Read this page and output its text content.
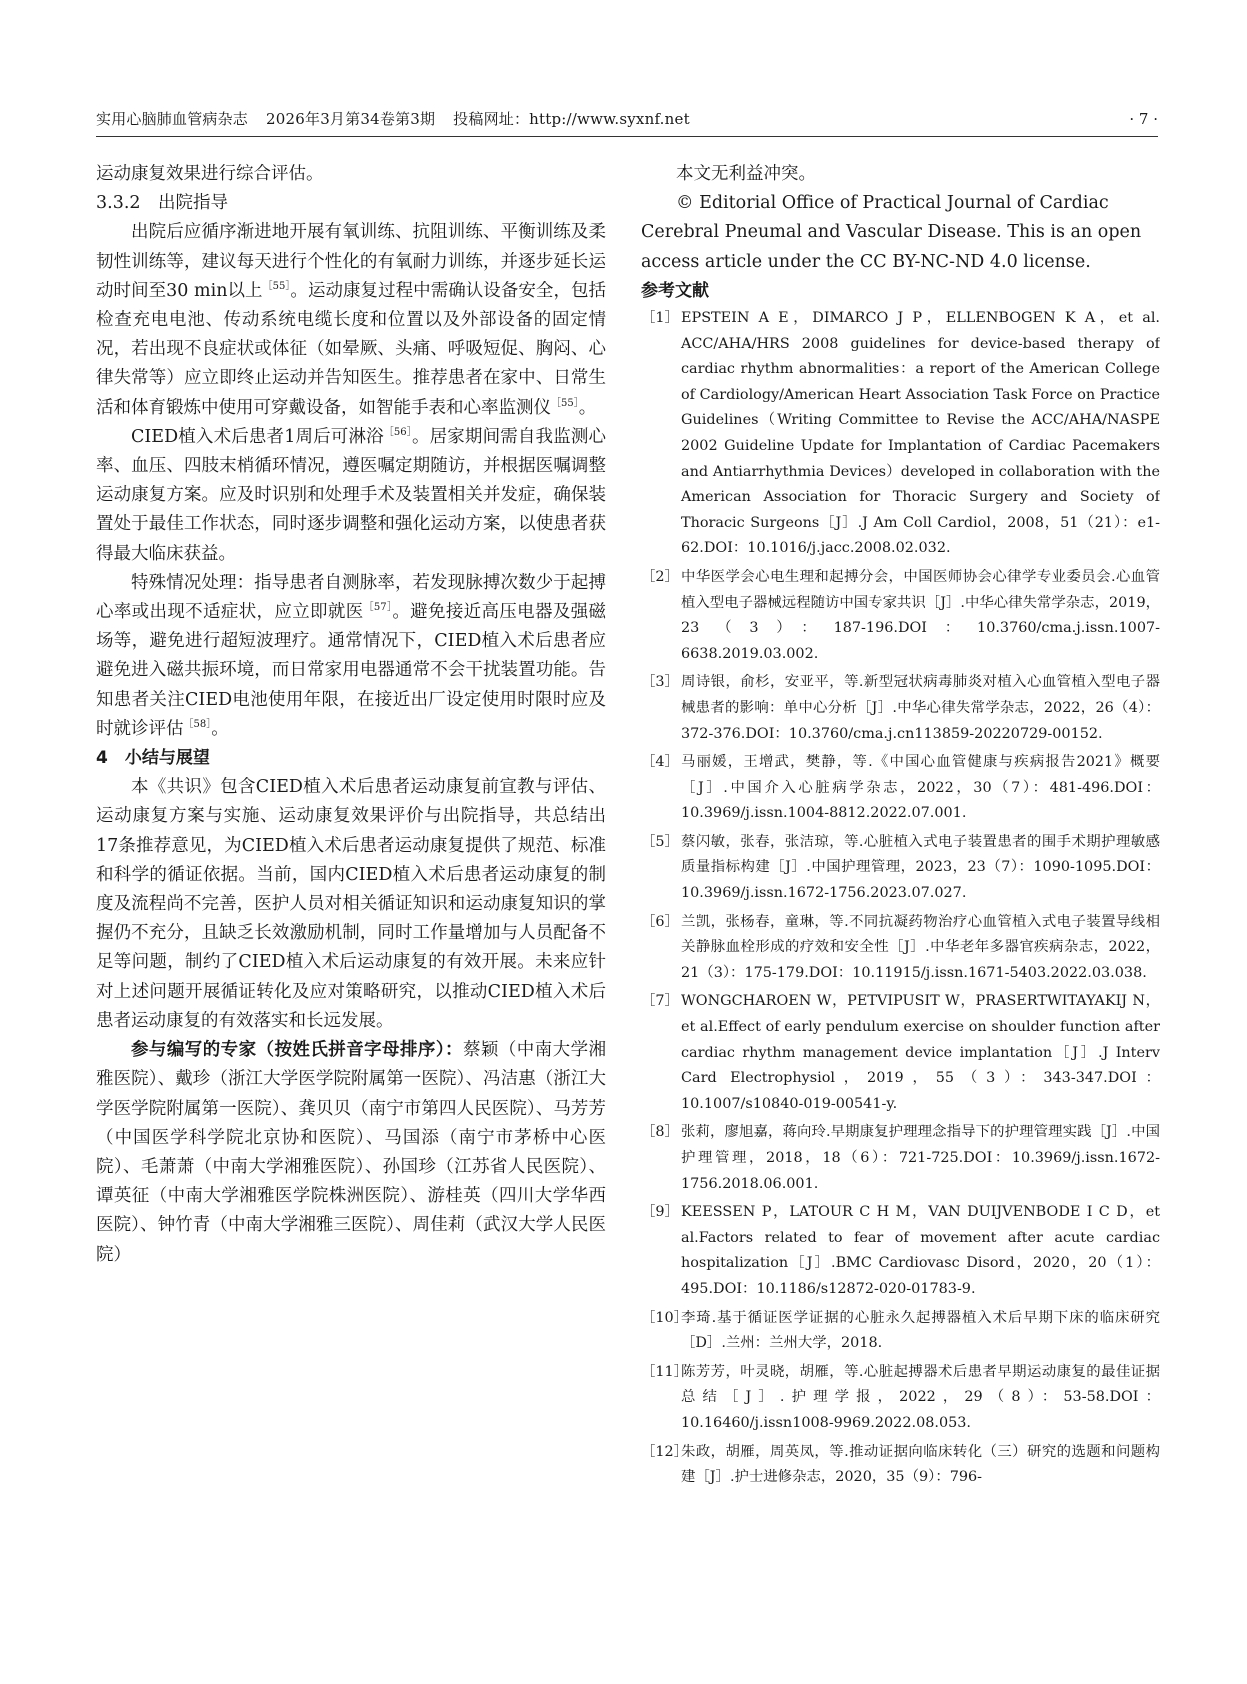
实用心脑肺血管病杂志 2026年3月第34卷第3期 投稿网址：http://www.syxnf.net	· 7 ·

运动康复效果进行综合评估。

3.3.2　出院指导

出院后应循序渐进地开展有氧训练、抗阻训练、平衡训练及柔韧性训练等，建议每天进行个性化的有氧耐力训练，并逐步延长运动时间至30 min以上$^{[55]}$。运动康复过程中需确认设备安全，包括检查充电电池、传动系统电缆长度和位置以及外部设备的固定情况，若出现不良症状或体征（如晕厥、头痛、呼吸短促、胸闷、心律失常等）应立即终止运动并告知医生。推荐患者在家中、日常生活和体育锻炼中使用可穿戴设备，如智能手表和心率监测仪$^{[55]}$。

CIED植入术后患者1周后可淋浴$^{[56]}$。居家期间需自我监测心率、血压、四肢末梢循环情况，遵医嘱定期随访，并根据医嘱调整运动康复方案。应及时识别和处理手术及装置相关并发症，确保装置处于最佳工作状态，同时逐步调整和强化运动方案，以使患者获得最大临床获益。

特殊情况处理：指导患者自测脉率，若发现脉搏次数少于起搏心率或出现不适症状，应立即就医$^{[57]}$。避免接近高压电器及强磁场等，避免进行超短波理疗。通常情况下，CIED植入术后患者应避免进入磁共振环境，而日常家用电器通常不会干扰装置功能。告知患者关注CIED电池使用年限，在接近出厂设定使用时限时应及时就诊评估$^{[58]}$。

4　小结与展望

本《共识》包含CIED植入术后患者运动康复前宣教与评估、运动康复方案与实施、运动康复效果评价与出院指导，共总结出17条推荐意见，为CIED植入术后患者运动康复提供了规范、标准和科学的循证依据。当前，国内CIED植入术后患者运动康复的制度及流程尚不完善，医护人员对相关循证知识和运动康复知识的掌握仍不充分，且缺乏长效激励机制，同时工作量增加与人员配备不足等问题，制约了CIED植入术后运动康复的有效开展。未来应针对上述问题开展循证转化及应对策略研究，以推动CIED植入术后患者运动康复的有效落实和长远发展。

参与编写的专家（按姓氏拼音字母排序）：蔡颖（中南大学湘雅医院）、戴珍（浙江大学医学院附属第一医院）、冯洁惠（浙江大学医学院附属第一医院）、龚贝贝（南宁市第四人民医院）、马芳芳（中国医学科学院北京协和医院）、马国添（南宁市茅桥中心医院）、毛萧萧（中南大学湘雅医院）、孙国珍（江苏省人民医院）、谭英征（中南大学湘雅医学院株洲医院）、游桂英（四川大学华西医院）、钟竹青（中南大学湘雅三医院）、周佳莉（武汉大学人民医院）

本文无利益冲突。

© Editorial Office of Practical Journal of Cardiac Cerebral Pneumal and Vascular Disease. This is an open access article under the CC BY-NC-ND 4.0 license.

参考文献

［1］ EPSTEIN A E，DIMARCO J P，ELLENBOGEN K A，et al. ACC/AHA/HRS 2008 guidelines for device-based therapy of cardiac rhythm abnormalities：a report of the American College of Cardiology/American Heart Association Task Force on Practice Guidelines（Writing Committee to Revise the ACC/AHA/NASPE 2002 Guideline Update for Implantation of Cardiac Pacemakers and Antiarrhythmia Devices）developed in collaboration with the American Association for Thoracic Surgery and Society of Thoracic Surgeons［J］.J Am Coll Cardiol，2008，51（21）：e1-62.DOI：10.1016/j.jacc.2008.02.032.

［2］ 中华医学会心电生理和起搏分会，中国医师协会心律学专业委员会.心血管植入型电子器械远程随访中国专家共识［J］.中华心律失常学杂志，2019，23（3）：187-196.DOI：10.3760/cma.j.issn.1007-6638.2019.03.002.

［3］ 周诗银，俞杉，安亚平，等.新型冠状病毒肺炎对植入心血管植入型电子器械患者的影响：单中心分析［J］.中华心律失常学杂志，2022，26（4）：372-376.DOI：10.3760/cma.j.cn113859-20220729-00152.

［4］ 马丽媛，王增武，樊静，等.《中国心血管健康与疾病报告2021》概要［J］.中国介入心脏病学杂志，2022，30（7）：481-496.DOI：10.3969/j.issn.1004-8812.2022.07.001.

［5］ 蔡闪敏，张春，张洁琼，等.心脏植入式电子装置患者的围手术期护理敏感质量指标构建［J］.中国护理管理，2023，23（7）：1090-1095.DOI：10.3969/j.issn.1672-1756.2023.07.027.

［6］ 兰凯，张杨春，童琳，等.不同抗凝药物治疗心血管植入式电子装置导线相关静脉血栓形成的疗效和安全性［J］.中华老年多器官疾病杂志，2022，21（3）：175-179.DOI：10.11915/j.issn.1671-5403.2022.03.038.

［7］ WONGCHAROEN W，PETVIPUSIT W，PRASERTWITAYAKIJ N，et al.Effect of early pendulum exercise on shoulder function after cardiac rhythm management device implantation［J］.J Interv Card Electrophysiol，2019，55（3）：343-347.DOI：10.1007/s10840-019-00541-y.

［8］ 张莉，廖旭嘉，蒋向玲.早期康复护理理念指导下的护理管理实践［J］.中国护理管理，2018，18（6）：721-725.DOI：10.3969/j.issn.1672-1756.2018.06.001.

［9］ KEESSEN P，LATOUR C H M，VAN DUIJVENBODE I C D，et al.Factors related to fear of movement after acute cardiac hospitalization［J］.BMC Cardiovasc Disord，2020，20（1）：495.DOI：10.1186/s12872-020-01783-9.

［10］
李琦.基于循证医学证据的心脏永久起搏器植入术后早期下床的临床研究［D］.兰州：兰州大学，2018.

［11］
陈芳芳，叶灵晓，胡雁，等.心脏起搏器术后患者早期运动康复的最佳证据总结［J］.护理学报，2022，29（8）：53-58.DOI：10.16460/j.issn1008-9969.2022.08.053.

［12］
朱政，胡雁，周英凤，等.推动证据向临床转化（三）研究的选题和问题构建［J］.护士进修杂志，2020，35（9）：796-
